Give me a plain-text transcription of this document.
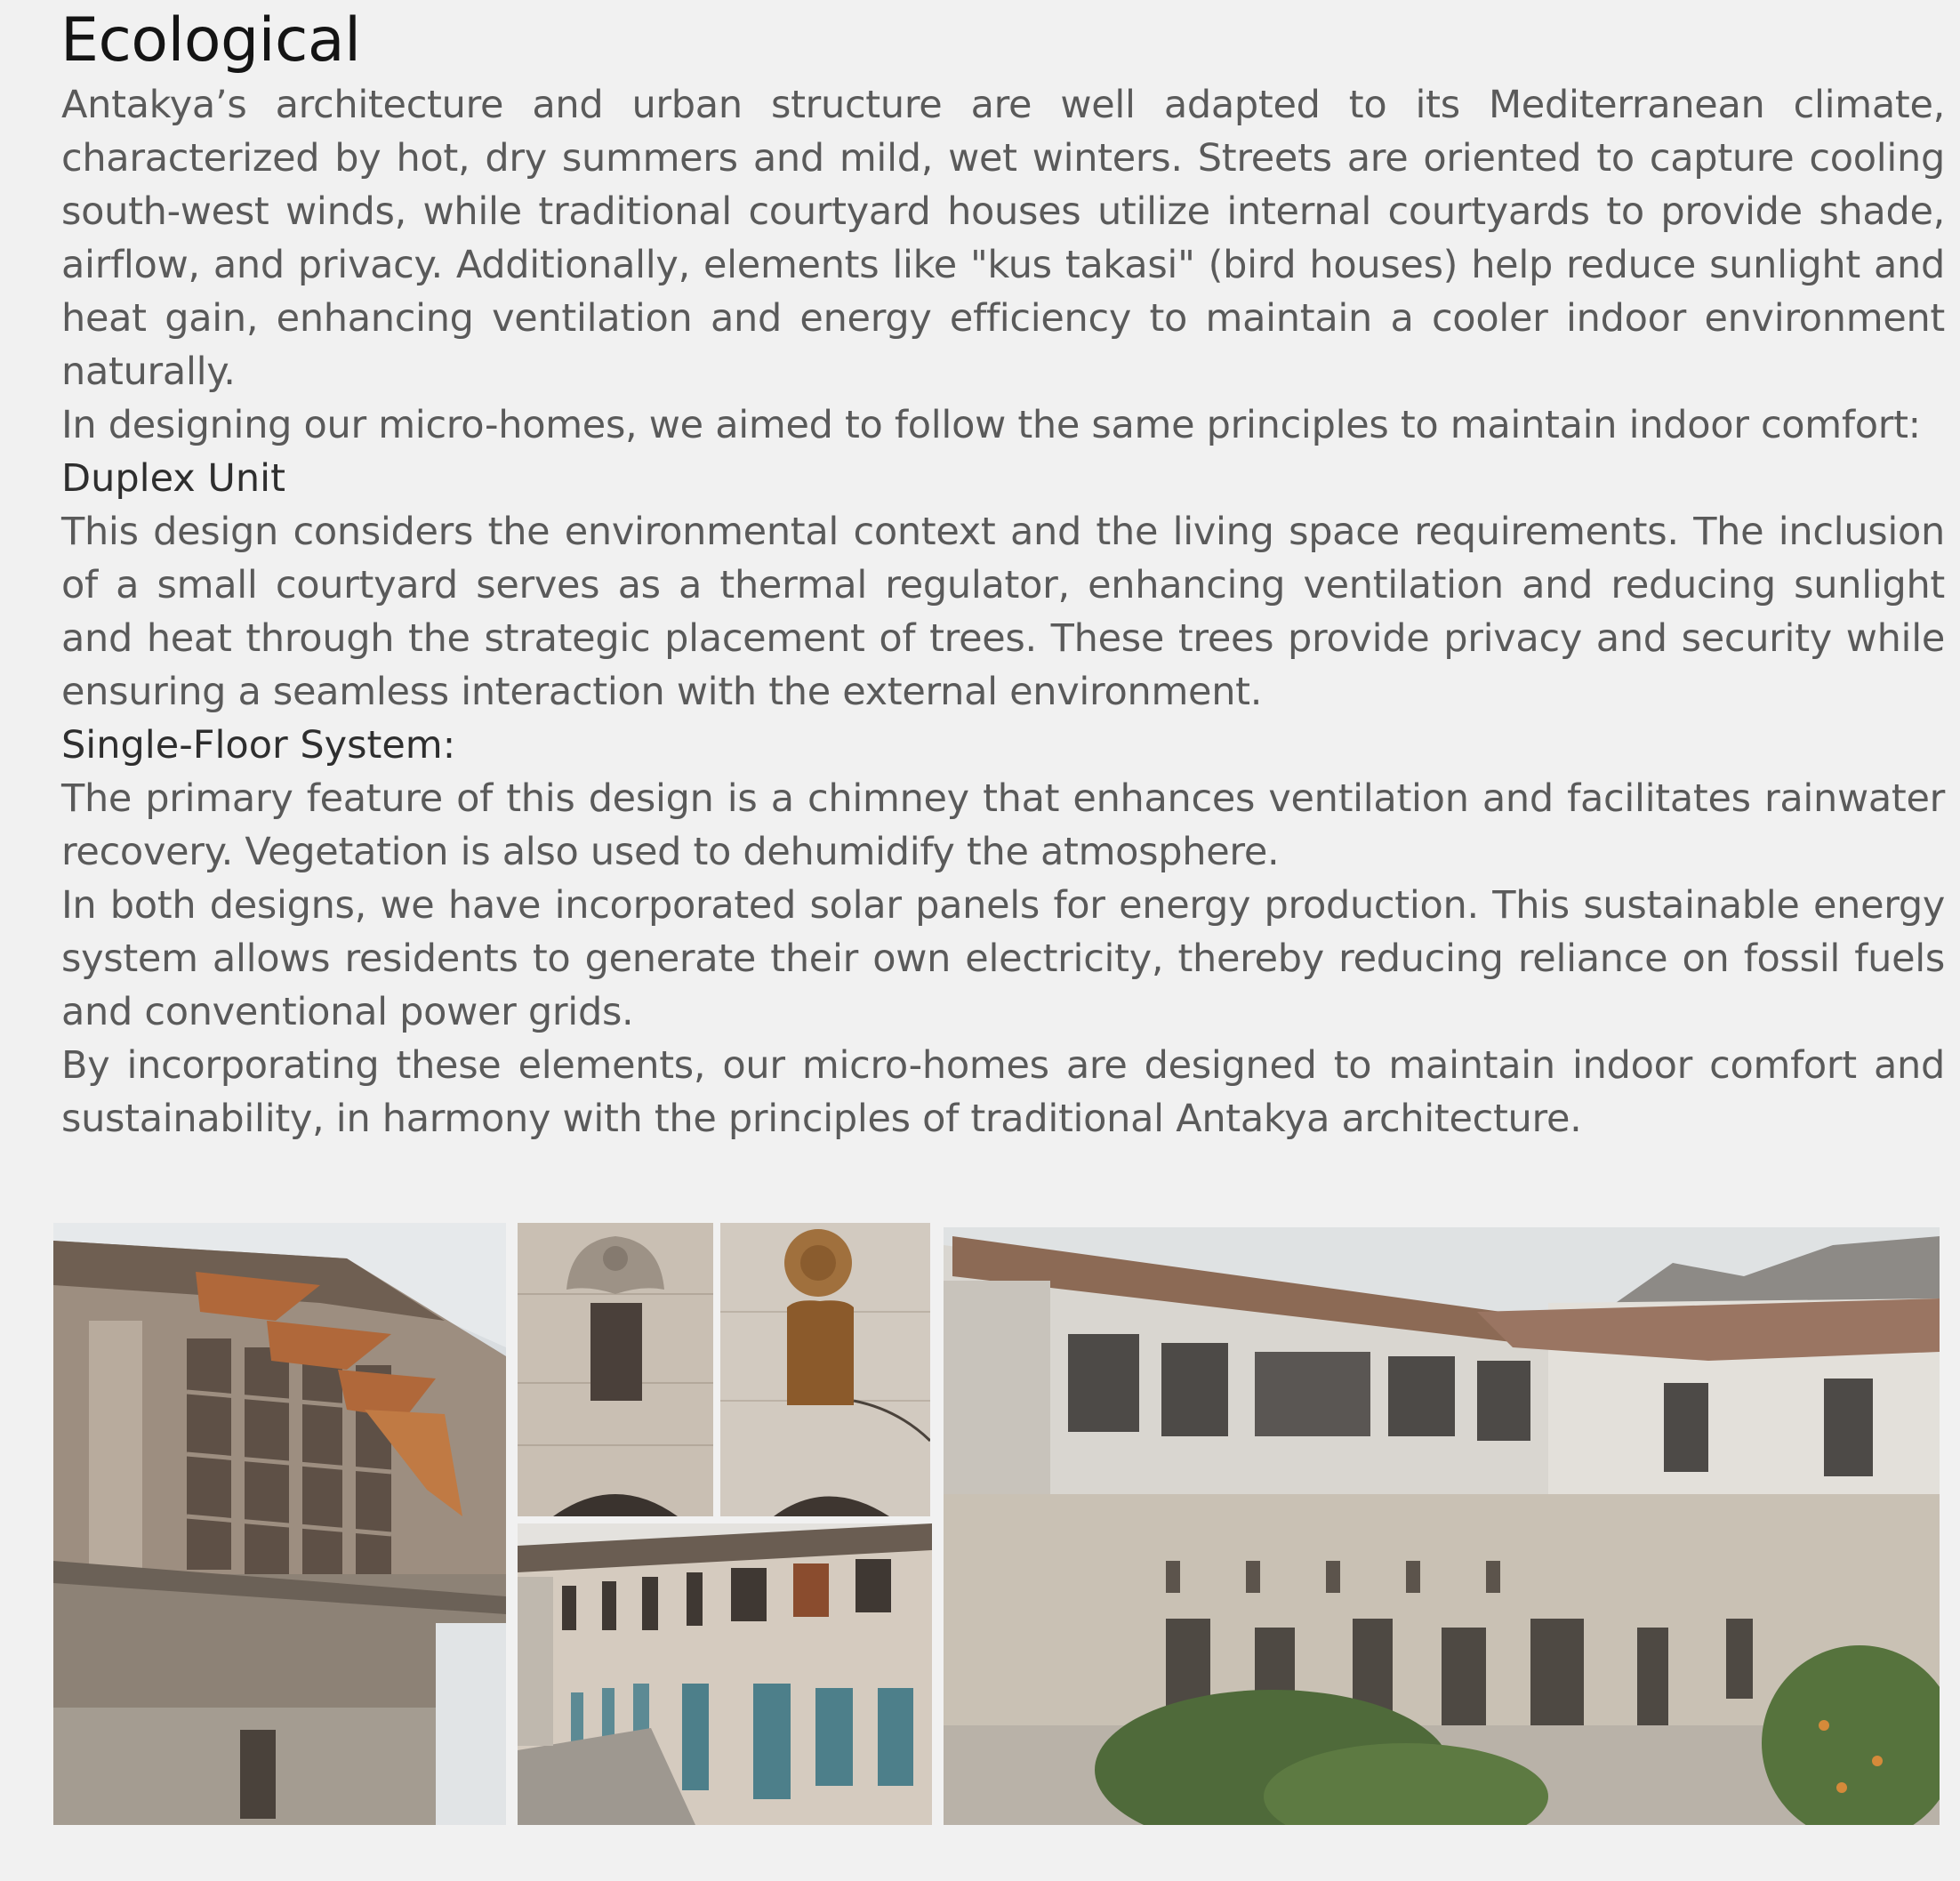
Ecological

Antakya’s architecture and urban structure are well adapted to its Mediterranean climate, characterized by hot, dry summers and mild, wet winters. Streets are oriented to capture cooling south-west winds, while traditional courtyard houses utilize internal courtyards to provide shade, airflow, and privacy. Additionally, elements like "kus takasi" (bird houses) help reduce sunlight and heat gain, enhancing ventilation and energy efficiency to maintain a cooler indoor environment naturally.

In designing our micro-homes, we aimed to follow the same principles to maintain indoor comfort:

Duplex Unit

This design considers the environmental context and the living space requirements. The inclusion of a small courtyard serves as a thermal regulator, enhancing ventilation and reducing sunlight and heat through the strategic placement of trees. These trees provide privacy and security while ensuring a seamless interaction with the external environment.

Single-Floor System:

The primary feature of this design is a chimney that enhances ventilation and facilitates rainwater recovery. Vegetation is also used to dehumidify the atmosphere.

In both designs, we have incorporated solar panels for energy production. This sustainable energy system allows residents to generate their own electricity, thereby reducing reliance on fossil fuels and conventional power grids.

By incorporating these elements, our micro-homes are designed to maintain indoor comfort and sustainability, in harmony with the principles of traditional Antakya architecture.
